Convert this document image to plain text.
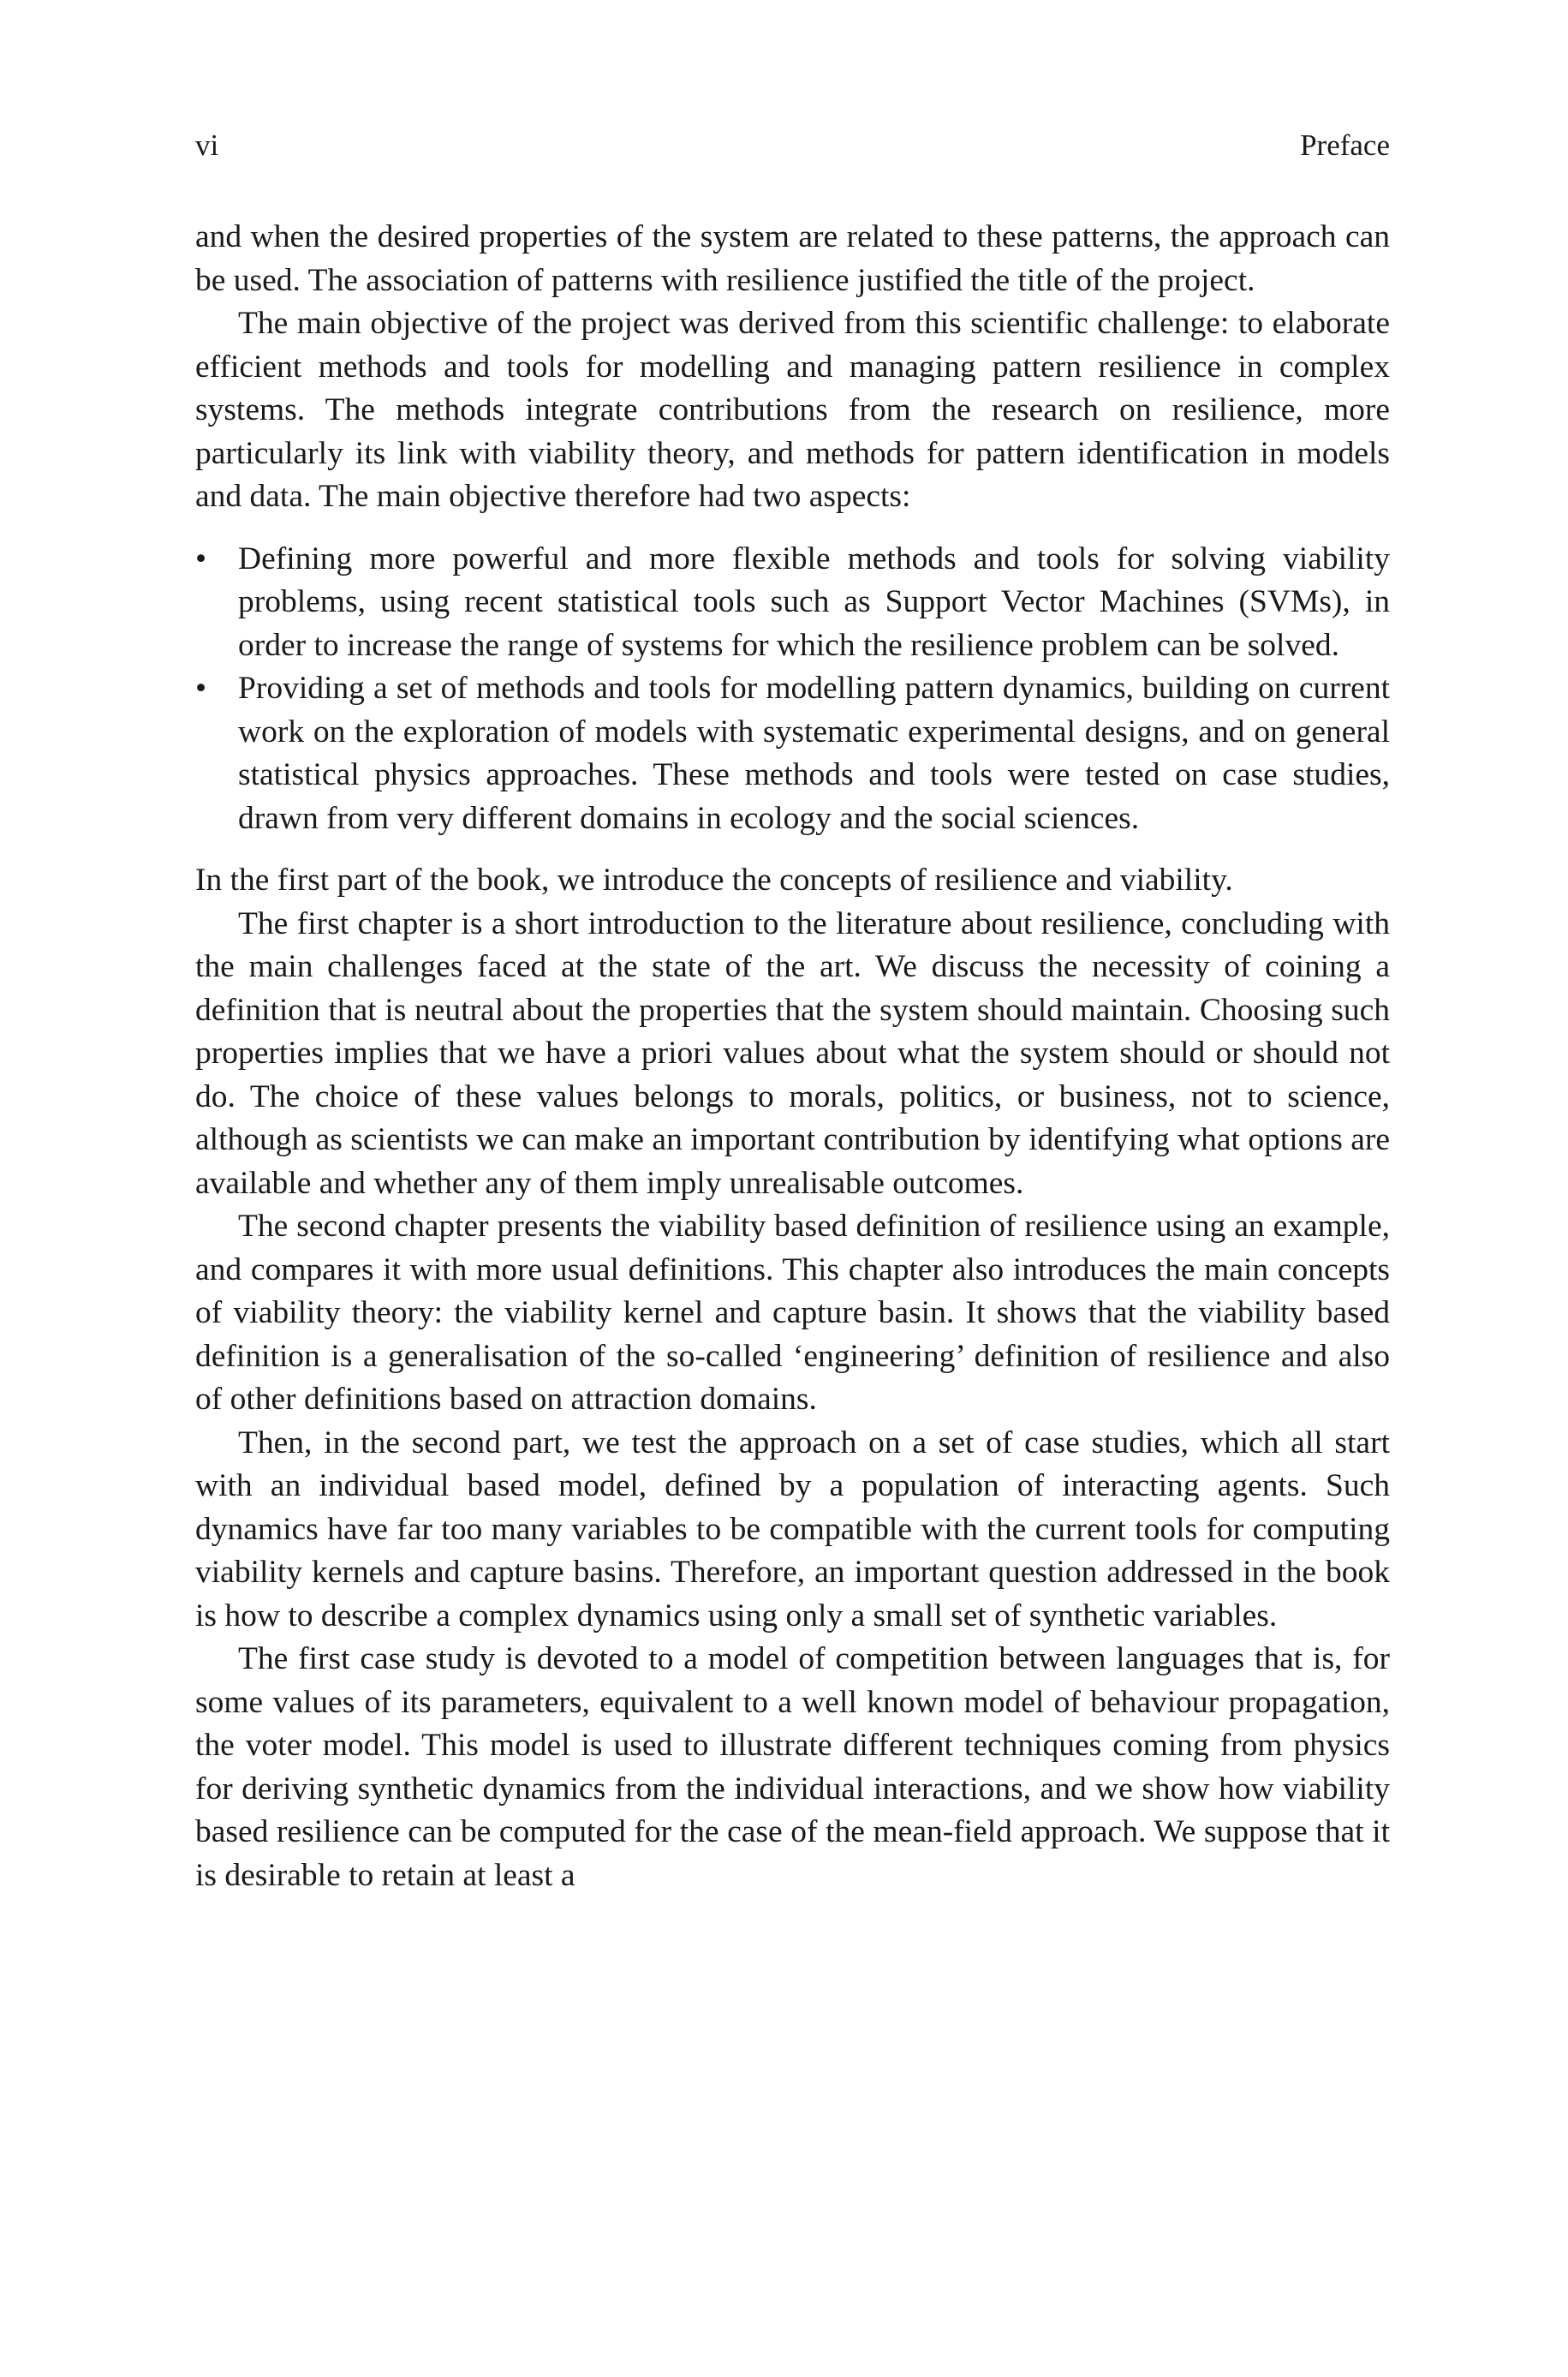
vi	Preface

and when the desired properties of the system are related to these patterns, the approach can be used. The association of patterns with resilience justified the title of the project.

The main objective of the project was derived from this scientific challenge: to elaborate efficient methods and tools for modelling and managing pattern resilience in complex systems. The methods integrate contributions from the research on resilience, more particularly its link with viability theory, and methods for pattern identification in models and data. The main objective therefore had two aspects:

• Defining more powerful and more flexible methods and tools for solving viability problems, using recent statistical tools such as Support Vector Machines (SVMs), in order to increase the range of systems for which the resilience problem can be solved.
• Providing a set of methods and tools for modelling pattern dynamics, building on current work on the exploration of models with systematic experimental designs, and on general statistical physics approaches. These methods and tools were tested on case studies, drawn from very different domains in ecology and the social sciences.

In the first part of the book, we introduce the concepts of resilience and viability.

The first chapter is a short introduction to the literature about resilience, concluding with the main challenges faced at the state of the art. We discuss the necessity of coining a definition that is neutral about the properties that the system should maintain. Choosing such properties implies that we have a priori values about what the system should or should not do. The choice of these values belongs to morals, politics, or business, not to science, although as scientists we can make an important contribution by identifying what options are available and whether any of them imply unrealisable outcomes.

The second chapter presents the viability based definition of resilience using an example, and compares it with more usual definitions. This chapter also introduces the main concepts of viability theory: the viability kernel and capture basin. It shows that the viability based definition is a generalisation of the so-called ‘engineering’ definition of resilience and also of other definitions based on attraction domains.

Then, in the second part, we test the approach on a set of case studies, which all start with an individual based model, defined by a population of interacting agents. Such dynamics have far too many variables to be compatible with the current tools for computing viability kernels and capture basins. Therefore, an important question addressed in the book is how to describe a complex dynamics using only a small set of synthetic variables.

The first case study is devoted to a model of competition between languages that is, for some values of its parameters, equivalent to a well known model of behaviour propagation, the voter model. This model is used to illustrate different techniques coming from physics for deriving synthetic dynamics from the individual interactions, and we show how viability based resilience can be computed for the case of the mean-field approach. We suppose that it is desirable to retain at least a
